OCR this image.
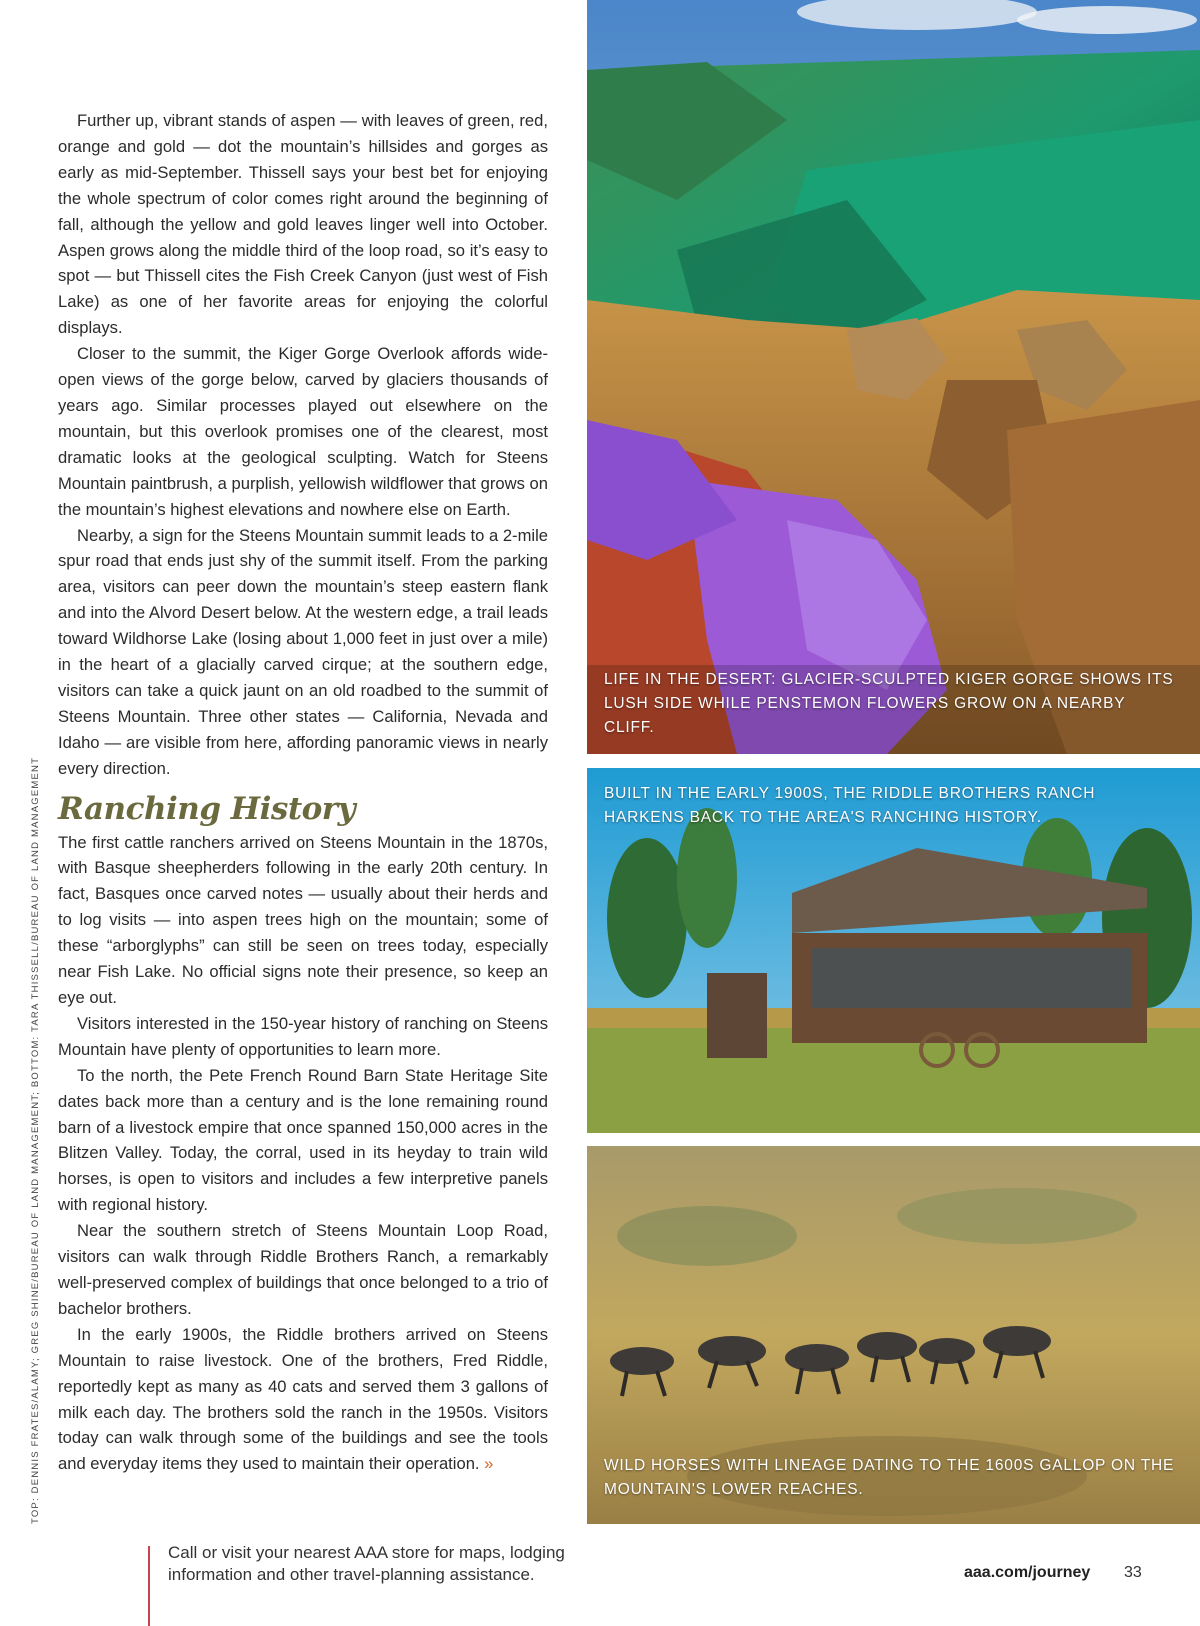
TOP: DENNIS FRATES/ALAMY; GREG SHINE/BUREAU OF LAND MANAGEMENT; BOTTOM: TARA THISSELL/BUREAU OF LAND MANAGEMENT

Further up, vibrant stands of aspen — with leaves of green, red, orange and gold — dot the mountain’s hillsides and gorges as early as mid-September. Thissell says your best bet for enjoying the whole spectrum of color comes right around the beginning of fall, although the yellow and gold leaves linger well into October. Aspen grows along the middle third of the loop road, so it’s easy to spot — but Thissell cites the Fish Creek Canyon (just west of Fish Lake) as one of her favorite areas for enjoying the colorful displays.

Closer to the summit, the Kiger Gorge Overlook affords wide-open views of the gorge below, carved by glaciers thousands of years ago. Similar processes played out elsewhere on the mountain, but this overlook promises one of the clearest, most dramatic looks at the geological sculpting. Watch for Steens Mountain paintbrush, a purplish, yellowish wildflower that grows on the mountain’s highest elevations and nowhere else on Earth.

Nearby, a sign for the Steens Mountain summit leads to a 2-mile spur road that ends just shy of the summit itself. From the parking area, visitors can peer down the mountain’s steep eastern flank and into the Alvord Desert below. At the western edge, a trail leads toward Wildhorse Lake (losing about 1,000 feet in just over a mile) in the heart of a glacially carved cirque; at the southern edge, visitors can take a quick jaunt on an old roadbed to the summit of Steens Mountain. Three other states — California, Nevada and Idaho — are visible from here, affording panoramic views in nearly every direction.

Ranching History

The first cattle ranchers arrived on Steens Mountain in the 1870s, with Basque sheepherders following in the early 20th century. In fact, Basques once carved notes — usually about their herds and to log visits — into aspen trees high on the mountain; some of these “arborglyphs” can still be seen on trees today, especially near Fish Lake. No official signs note their presence, so keep an eye out.

Visitors interested in the 150-year history of ranching on Steens Mountain have plenty of opportunities to learn more.

To the north, the Pete French Round Barn State Heritage Site dates back more than a century and is the lone remaining round barn of a livestock empire that once spanned 150,000 acres in the Blitzen Valley. Today, the corral, used in its heyday to train wild horses, is open to visitors and includes a few interpretive panels with regional history.

Near the southern stretch of Steens Mountain Loop Road, visitors can walk through Riddle Brothers Ranch, a remarkably well-preserved complex of buildings that once belonged to a trio of bachelor brothers.

In the early 1900s, the Riddle brothers arrived on Steens Mountain to raise livestock. One of the brothers, Fred Riddle, reportedly kept as many as 40 cats and served them 3 gallons of milk each day. The brothers sold the ranch in the 1950s. Visitors today can walk through some of the buildings and see the tools and everyday items they used to maintain their operation. »

LIFE IN THE DESERT: GLACIER-SCULPTED KIGER GORGE SHOWS ITS LUSH SIDE WHILE PENSTEMON FLOWERS GROW ON A NEARBY CLIFF.
BUILT IN THE EARLY 1900S, THE RIDDLE BROTHERS RANCH HARKENS BACK TO THE AREA'S RANCHING HISTORY.
WILD HORSES WITH LINEAGE DATING TO THE 1600S GALLOP ON THE MOUNTAIN'S LOWER REACHES.
Call or visit your nearest AAA store for maps, lodging information and other travel-planning assistance.	aaa.com/journey 33
